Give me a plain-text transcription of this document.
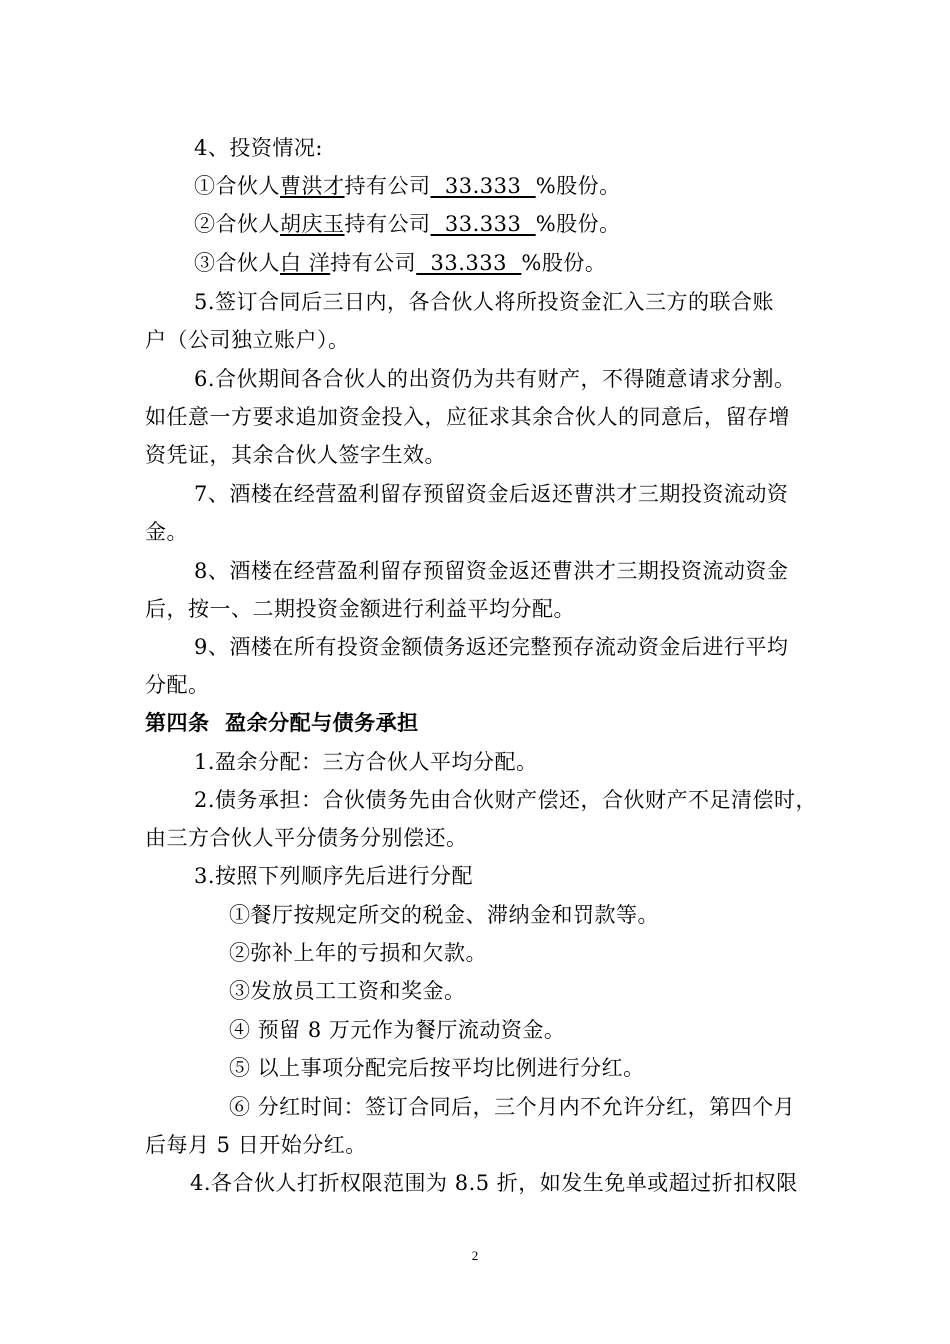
4、投资情况:
①合伙人曹洪才持有公司  33.333  %股份。
②合伙人胡庆玉持有公司  33.333  %股份。
③合伙人白 洋持有公司  33.333  %股份。
5.签订合同后三日内，各合伙人将所投资金汇入三方的联合账
户（公司独立账户）。
6.合伙期间各合伙人的出资仍为共有财产，不得随意请求分割。
如任意一方要求追加资金投入，应征求其余合伙人的同意后，留存增
资凭证，其余合伙人签字生效。
7、酒楼在经营盈利留存预留资金后返还曹洪才三期投资流动资
金。
8、酒楼在经营盈利留存预留资金返还曹洪才三期投资流动资金
后，按一、二期投资金额进行利益平均分配。
9、酒楼在所有投资金额债务返还完整预存流动资金后进行平均
分配。
第四条  盈余分配与债务承担
1.盈余分配：三方合伙人平均分配。
2.债务承担：合伙债务先由合伙财产偿还，合伙财产不足清偿时，
由三方合伙人平分债务分别偿还。
3.按照下列顺序先后进行分配
①餐厅按规定所交的税金、滞纳金和罚款等。
②弥补上年的亏损和欠款。
③发放员工工资和奖金。
④ 预留 8 万元作为餐厅流动资金。
⑤ 以上事项分配完后按平均比例进行分红。
⑥ 分红时间：签订合同后，三个月内不允许分红，第四个月
后每月 5 日开始分红。
4.各合伙人打折权限范围为 8.5 折，如发生免单或超过折扣权限
2
